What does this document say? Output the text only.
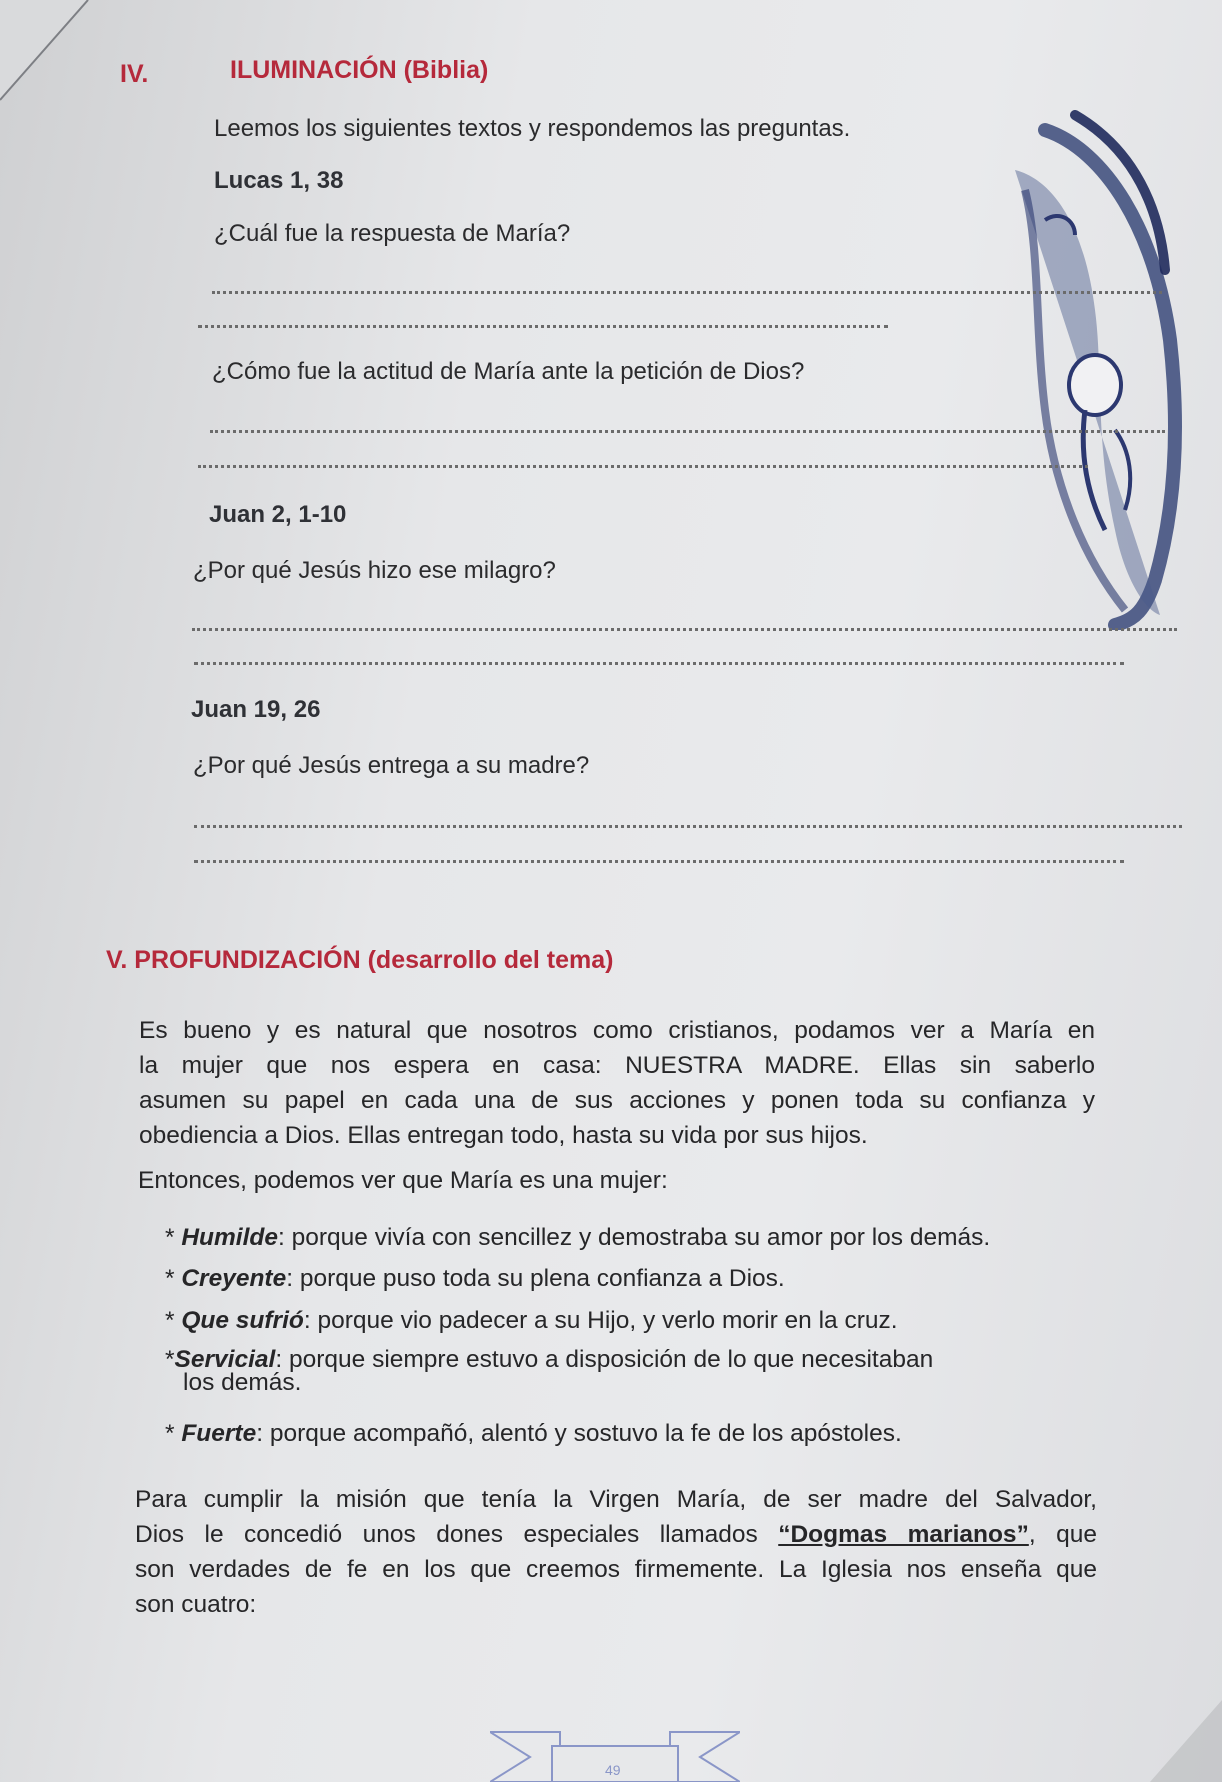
IV.	ILUMINACIÓN (Biblia)
Leemos los siguientes textos y respondemos las preguntas.
Lucas 1, 38
¿Cuál fue la respuesta de María?
¿Cómo fue la actitud de María ante la petición de Dios?
Juan 2, 1-10
¿Por qué Jesús hizo ese milagro?
Juan 19, 26
¿Por qué Jesús entrega a su madre?
V. PROFUNDIZACIÓN (desarrollo del tema)
Es bueno y es natural que nosotros como cristianos, podamos ver a María en
la mujer que nos espera en casa: NUESTRA MADRE. Ellas sin saberlo
asumen su papel en cada una de sus acciones y ponen toda su confianza y
obediencia a Dios. Ellas entregan todo, hasta su vida por sus hijos.
Entonces, podemos ver que María es una mujer:
* Humilde: porque vivía con sencillez y demostraba su amor por los demás.
* Creyente: porque puso toda su plena confianza a Dios.
* Que sufrió: porque vio padecer a su Hijo, y verlo morir en la cruz.
*Servicial: porque siempre estuvo a disposición de lo que necesitaban
los demás.
* Fuerte: porque acompañó, alentó y sostuvo la fe de los apóstoles.
Para cumplir la misión que tenía la Virgen María, de ser madre del Salvador,
Dios le concedió unos dones especiales llamados “Dogmas marianos”, que
son verdades de fe en los que creemos firmemente. La Iglesia nos enseña que
son cuatro:
49
